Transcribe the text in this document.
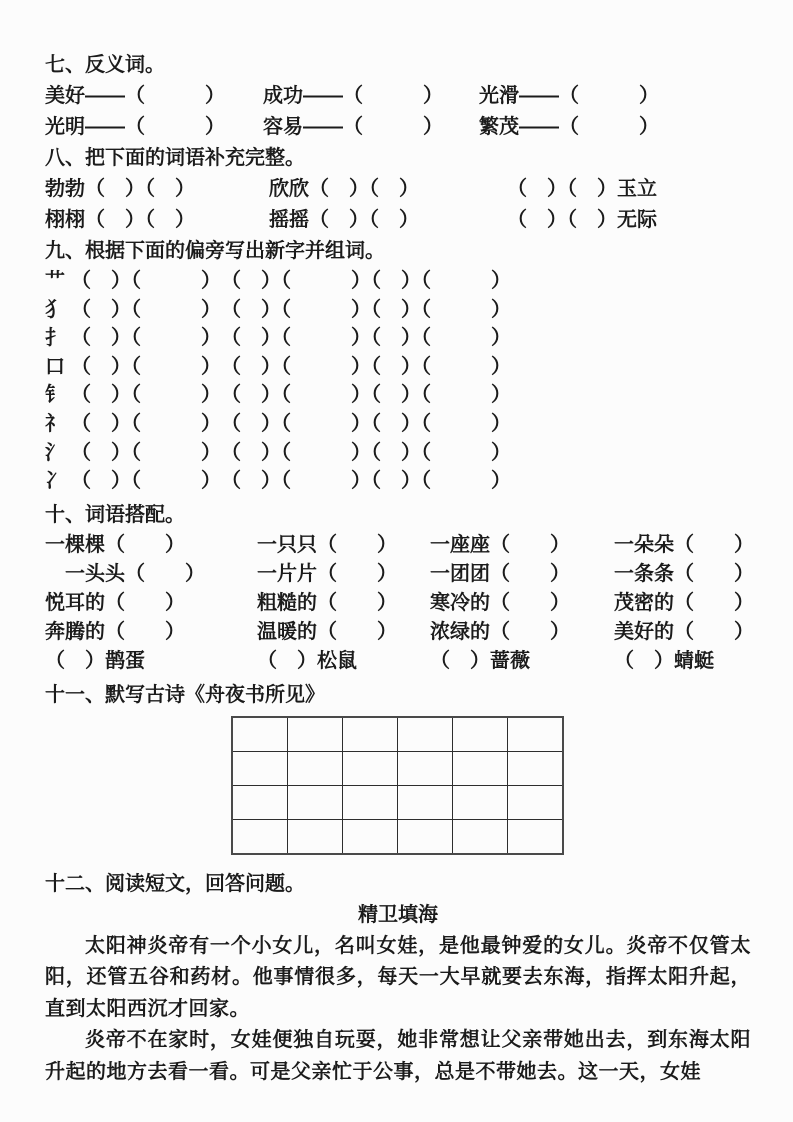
七、反义词。
美好——（　　　）	成功——（　　　）	光滑——（　　　）
光明——（　　　）	容易——（　　　）	繁茂——（　　　）
八、把下面的词语补充完整。
勃勃（　）（　）	欣欣（　）（　）	（　）（　）玉立
栩栩（　）（　）	摇摇（　）（　）	（　）（　）无际
九、根据下面的偏旁写出新字并组词。
艹 （　）（　　　）　（　）（　　　）（　）（　　　）
犭 （　）（　　　）　（　）（　　　）（　）（　　　）
扌 （　）（　　　）　（　）（　　　）（　）（　　　）
口 （　）（　　　）　（　）（　　　）（　）（　　　）
钅 （　）（　　　）　（　）（　　　）（　）（　　　）
礻 （　）（　　　）　（　）（　　　）（　）（　　　）
氵 （　）（　　　）　（　）（　　　）（　）（　　　）
冫 （　）（　　　）　（　）（　　　）（　）（　　　）
十、词语搭配。
一棵棵（　　）	一只只（　　）	一座座（　　）	一朵朵（　　）
　一头头（　　）	一片片（　　）	一团团（　　）	一条条（　　）
悦耳的（　　）	粗糙的（　　）	寒冷的（　　）	茂密的（　　）
奔腾的（　　）	温暖的（　　）	浓绿的（　　）	美好的（　　）
（　）鹊蛋	（　）松鼠	（　）蔷薇	（　）蜻蜓
十一、默写古诗《舟夜书所见》

十二、阅读短文，回答问题。
精卫填海

太阳神炎帝有一个小女儿，名叫女娃，是他最钟爱的女儿。炎帝不仅管太阳，还管五谷和药材。他事情很多，每天一大早就要去东海，指挥太阳升起，直到太阳西沉才回家。

炎帝不在家时，女娃便独自玩耍，她非常想让父亲带她出去，到东海太阳升起的地方去看一看。可是父亲忙于公事，总是不带她去。这一天，女娃
